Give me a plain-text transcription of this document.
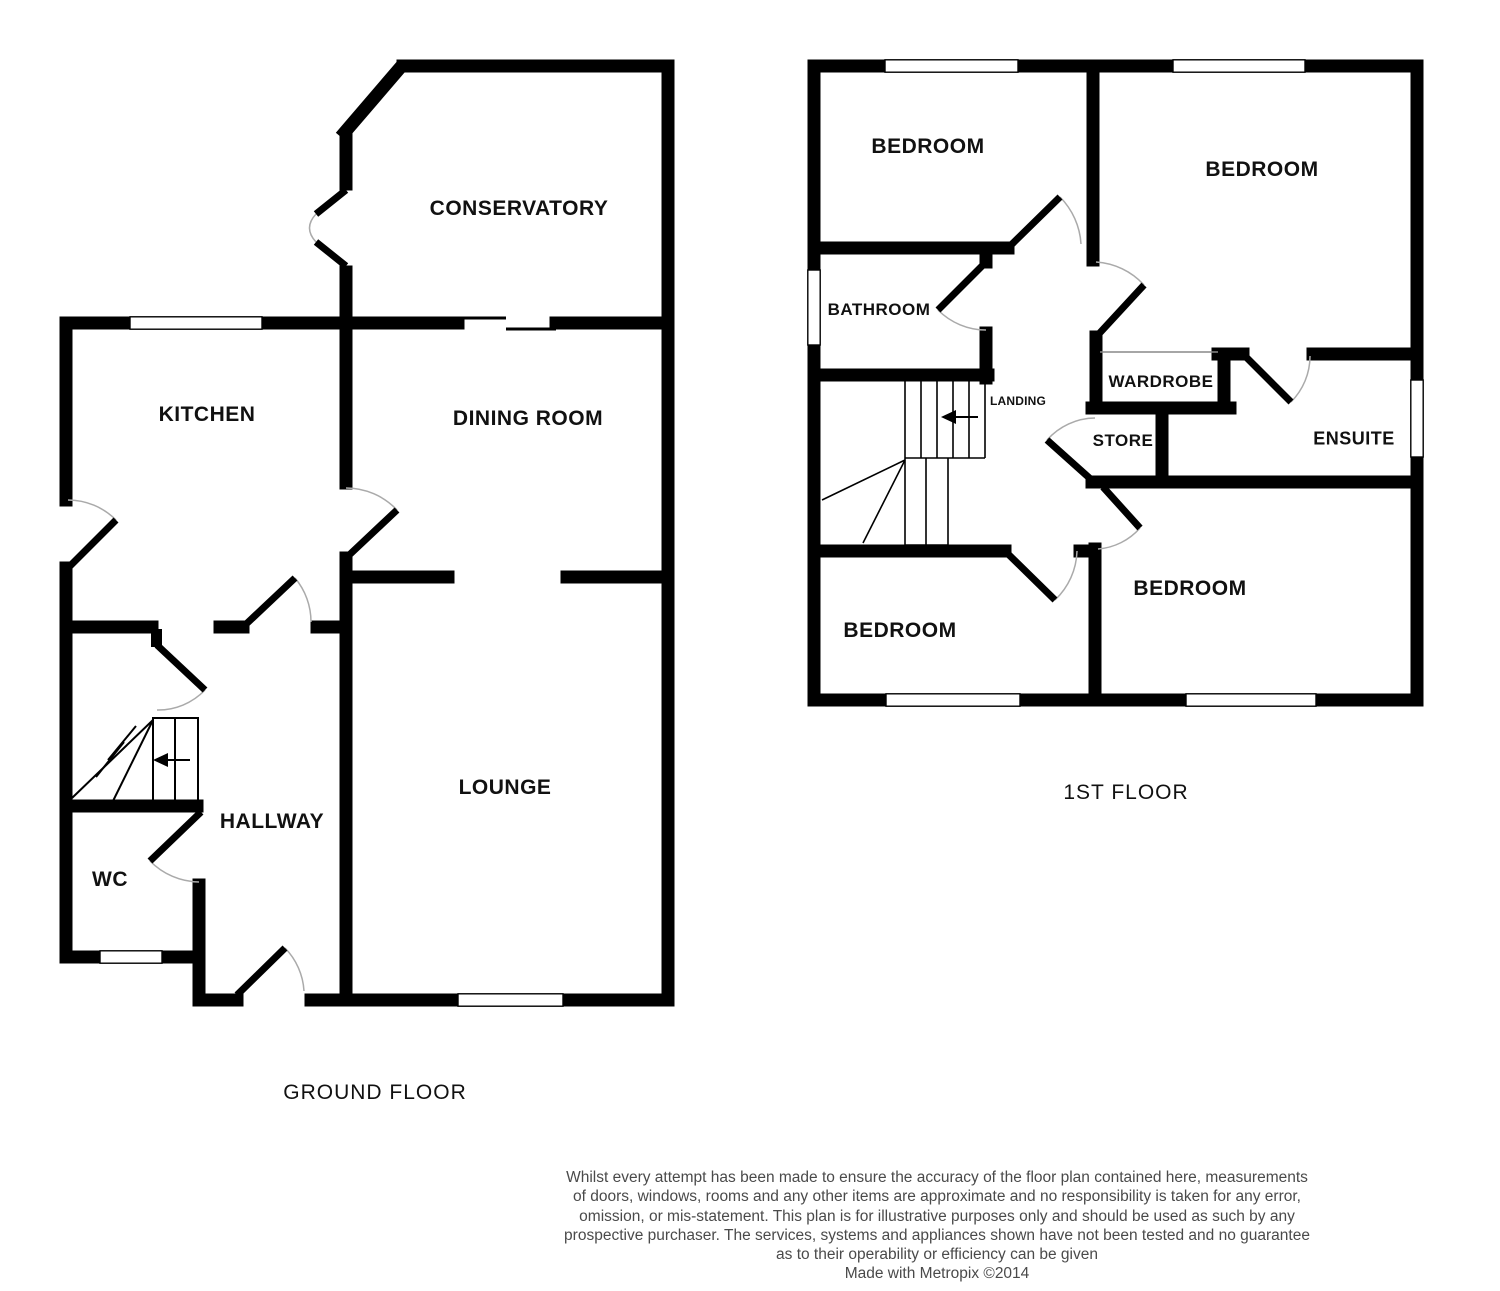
CONSERVATORY
KITCHEN	DINING ROOM
LOUNGE
HALLWAY
WC
BEDROOM
BEDROOM
BATHROOM
WARDROBE
LANDING
STORE	ENSUITE
BEDROOM
BEDROOM
GROUND FLOOR
1ST FLOOR
Whilst every attempt has been made to ensure the accuracy of the floor plan contained here, measurements
of doors, windows, rooms and any other items are approximate and no responsibility is taken for any error,
omission, or mis-statement. This plan is for illustrative purposes only and should be used as such by any
prospective purchaser. The services, systems and appliances shown have not been tested and no guarantee
as to their operability or efficiency can be given
Made with Metropix ©2014
